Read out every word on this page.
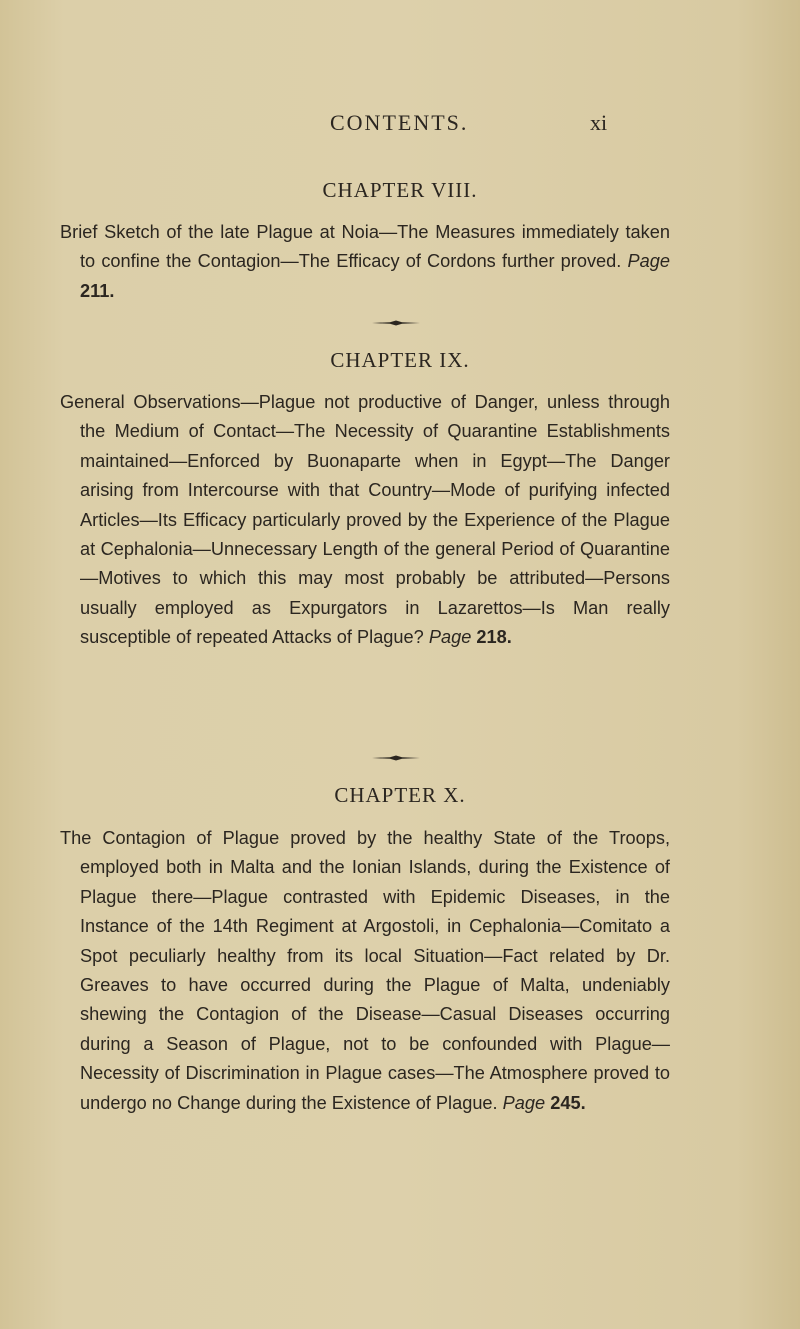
CONTENTS.	xi
CHAPTER VIII.

Brief Sketch of the late Plague at Noia—The Measures immediately taken to confine the Contagion—The Efficacy of Cordons further proved. Page 211.

CHAPTER IX.

General Observations—Plague not productive of Danger, unless through the Medium of Contact—The Necessity of Quarantine Establishments maintained—Enforced by Buonaparte when in Egypt—The Danger arising from Intercourse with that Country—Mode of purifying infected Articles—Its Efficacy particularly proved by the Experience of the Plague at Cephalonia—Unnecessary Length of the general Period of Quarantine—Motives to which this may most probably be attributed—Persons usually employed as Expurgators in Lazarettos—Is Man really susceptible of repeated Attacks of Plague? Page 218.

CHAPTER X.

The Contagion of Plague proved by the healthy State of the Troops, employed both in Malta and the Ionian Islands, during the Existence of Plague there—Plague contrasted with Epidemic Diseases, in the Instance of the 14th Regiment at Argostoli, in Cephalonia—Comitato a Spot peculiarly healthy from its local Situation—Fact related by Dr. Greaves to have occurred during the Plague of Malta, undeniably shewing the Contagion of the Disease—Casual Diseases occurring during a Season of Plague, not to be confounded with Plague—Necessity of Discrimination in Plague cases—The Atmosphere proved to undergo no Change during the Existence of Plague. Page 245.
